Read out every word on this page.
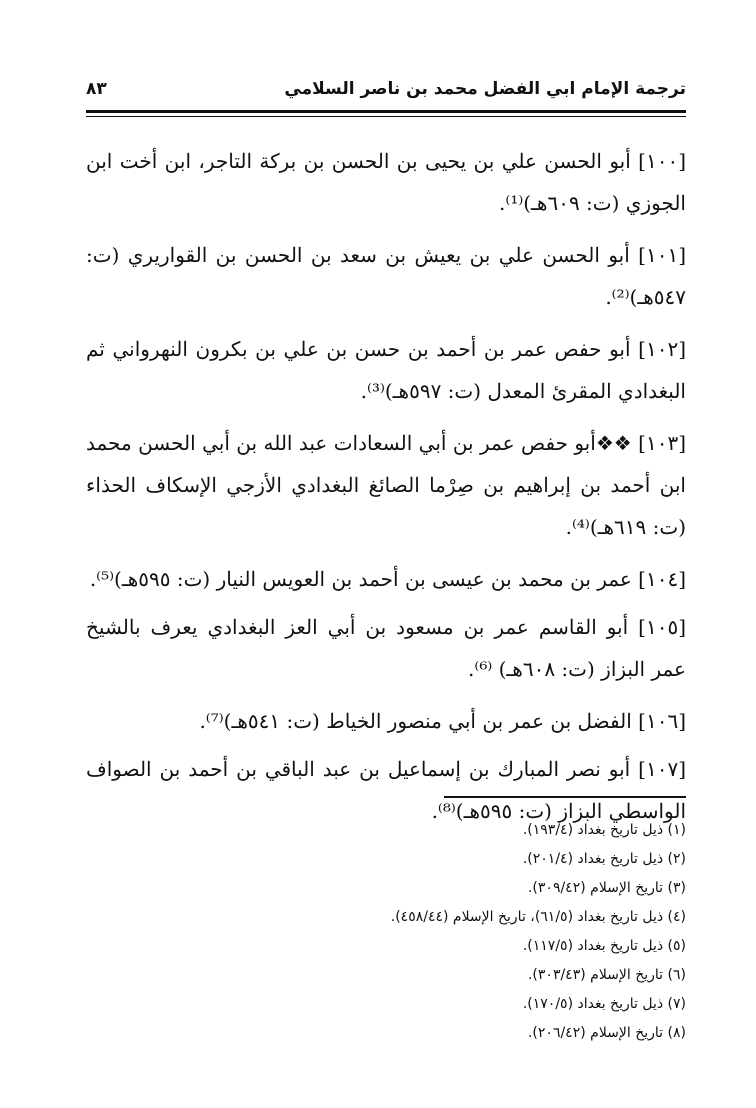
ترجمة الإمام ابي الفضل محمد بن ناصر السلامي
٨٣

[١٠٠] أبو الحسن علي بن يحيى بن الحسن بن بركة التاجر، ابن أخت ابن الجوزي (ت: ٦٠٩هـ)⁽¹⁾.

[١٠١] أبو الحسن علي بن يعيش بن سعد بن الحسن بن القواريري (ت: ٥٤٧هـ)⁽²⁾.

[١٠٢] أبو حفص عمر بن أحمد بن حسن بن علي بن بكرون النهرواني ثم البغدادي المقرئ المعدل (ت: ٥٩٧هـ)⁽³⁾.

[١٠٣] ❖❖أبو حفص عمر بن أبي السعادات عبد الله بن أبي الحسن محمد ابن أحمد بن إبراهيم بن صِرْما الصائغ البغدادي الأزجي الإسكاف الحذاء (ت: ٦١٩هـ)⁽⁴⁾.

[١٠٤] عمر بن محمد بن عيسى بن أحمد بن العويس النيار (ت: ٥٩٥هـ)⁽⁵⁾.

[١٠٥] أبو القاسم عمر بن مسعود بن أبي العز البغدادي يعرف بالشيخ عمر البزاز (ت: ٦٠٨هـ) ⁽⁶⁾.

[١٠٦] الفضل بن عمر بن أبي منصور الخياط (ت: ٥٤١هـ)⁽⁷⁾.

[١٠٧] أبو نصر المبارك بن إسماعيل بن عبد الباقي بن أحمد بن الصواف الواسطي البزاز (ت: ٥٩٥هـ)⁽⁸⁾.

(١) ذيل تاريخ بغداد (١٩٣/٤).
(٢) ذيل تاريخ بغداد (٢٠١/٤).
(٣) تاريخ الإسلام (٣٠٩/٤٢).
(٤) ذيل تاريخ بغداد (٦١/٥)، تاريخ الإسلام (٤٥٨/٤٤).
(٥) ذيل تاريخ بغداد (١١٧/٥).
(٦) تاريخ الإسلام (٣٠٣/٤٣).
(٧) ذيل تاريخ بغداد (١٧٠/٥).
(٨) تاريخ الإسلام (٢٠٦/٤٢).
